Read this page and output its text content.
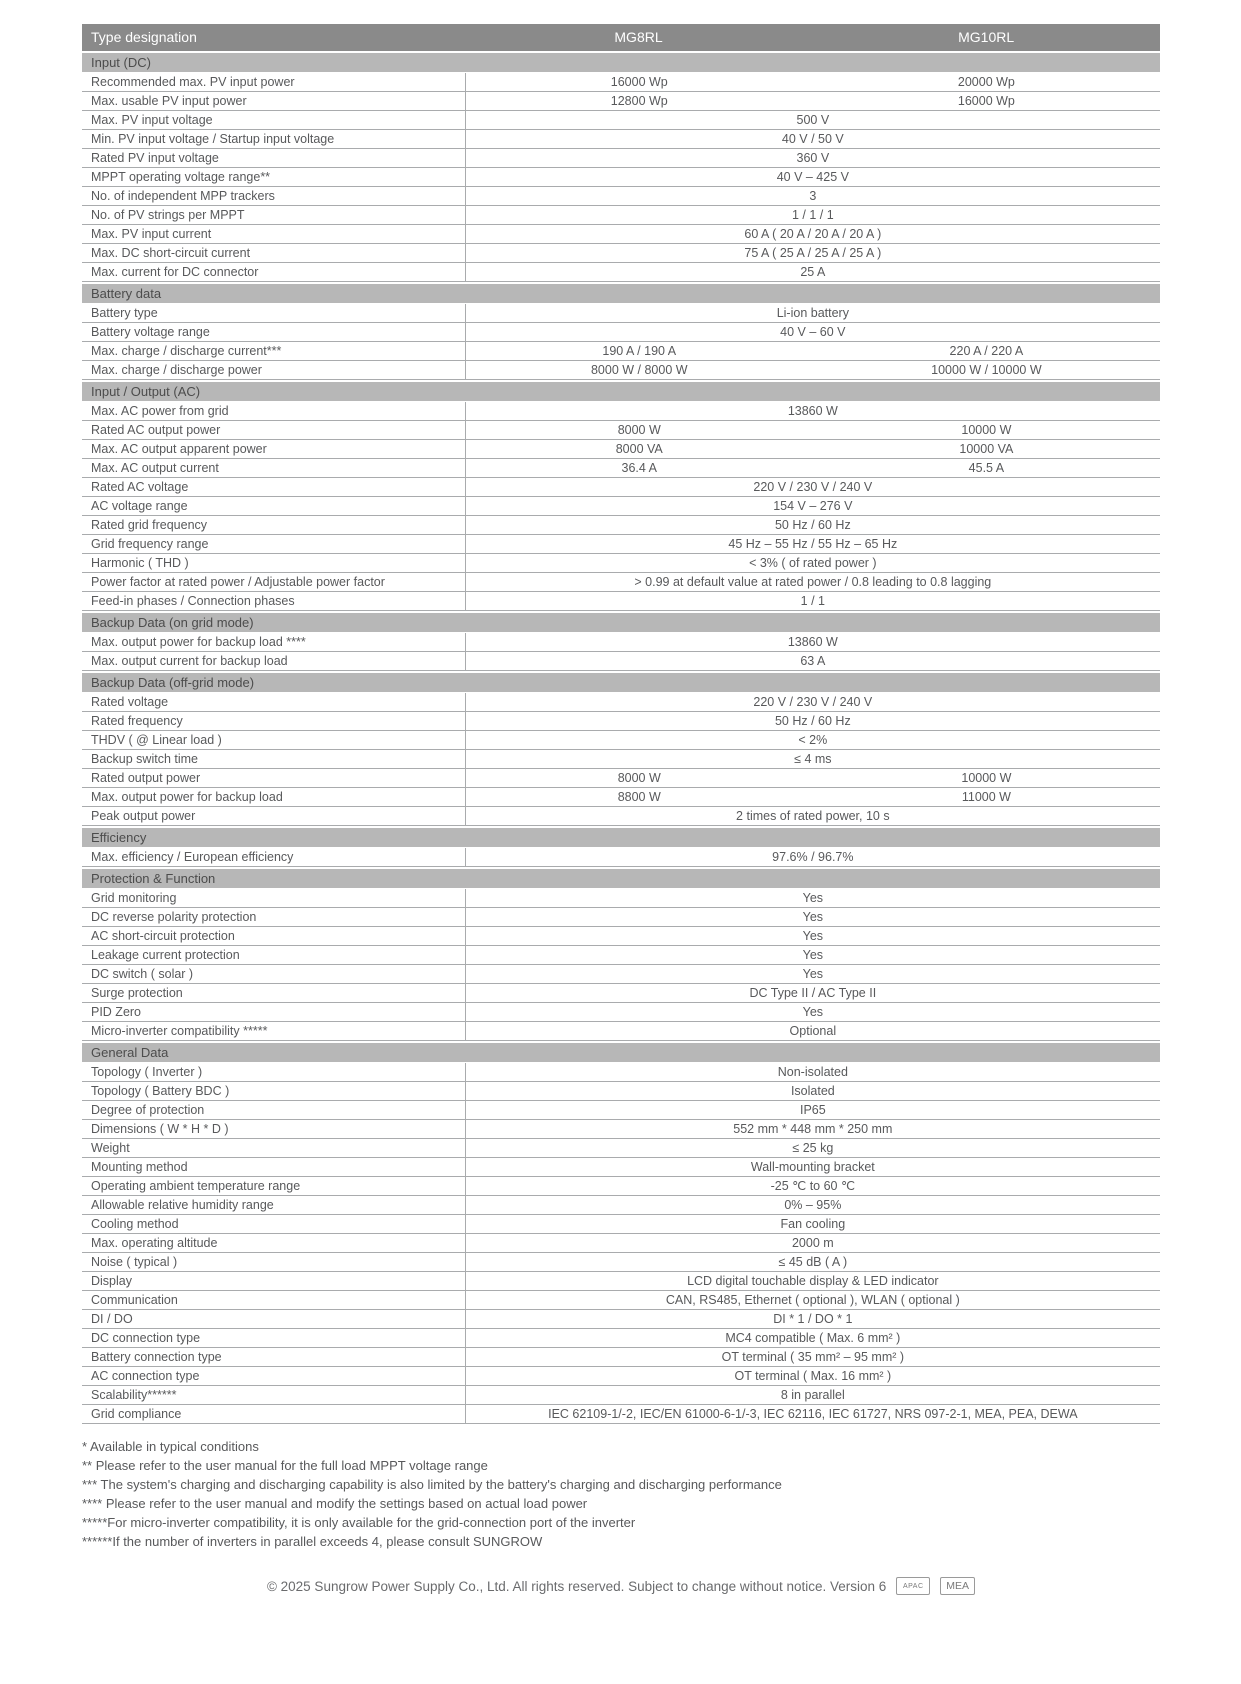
Type designation	MG8RL	MG10RL
Input (DC)
Recommended max. PV input power	16000 Wp	20000 Wp
Max. usable PV input power	12800 Wp	16000 Wp
Max. PV input voltage	500 V
Min. PV input voltage / Startup input voltage	40 V / 50 V
Rated PV input voltage	360 V
MPPT operating voltage range**	40 V – 425 V
No. of independent MPP trackers	3
No. of PV strings per MPPT	1 / 1 / 1
Max. PV input current	60 A ( 20 A / 20 A / 20 A )
Max. DC short-circuit current	75 A ( 25 A / 25 A / 25 A )
Max. current for DC connector	25 A
Battery data
Battery type	Li-ion battery
Battery voltage range	40 V – 60 V
Max. charge / discharge current***	190 A / 190 A	220 A / 220 A
Max. charge / discharge power	8000 W / 8000 W	10000 W / 10000 W
Input / Output (AC)
Max. AC power from grid	13860 W
Rated AC output power	8000 W	10000 W
Max. AC output apparent power	8000 VA	10000 VA
Max. AC output current	36.4 A	45.5 A
Rated AC voltage	220 V / 230 V / 240 V
AC voltage range	154 V – 276 V
Rated grid frequency	50 Hz / 60 Hz
Grid frequency range	45 Hz – 55 Hz / 55 Hz – 65 Hz
Harmonic ( THD )	< 3% ( of rated power )
Power factor at rated power / Adjustable power factor	> 0.99 at default value at rated power / 0.8 leading to 0.8 lagging
Feed-in phases / Connection phases	1 / 1
Backup Data (on grid mode)
Max. output power for backup load ****	13860 W
Max. output current for backup load	63 A
Backup Data (off-grid mode)
Rated voltage	220 V / 230 V / 240 V
Rated frequency	50 Hz / 60 Hz
THDV ( @ Linear load )	< 2%
Backup switch time	≤ 4 ms
Rated output power	8000 W	10000 W
Max. output power for backup load	8800 W	11000 W
Peak output power	2 times of rated power, 10 s
Efficiency
Max. efficiency / European efficiency	97.6% / 96.7%
Protection & Function
Grid monitoring	Yes
DC reverse polarity protection	Yes
AC short-circuit protection	Yes
Leakage current protection	Yes
DC switch ( solar )	Yes
Surge protection	DC Type II / AC Type II
PID Zero	Yes
Micro-inverter compatibility *****	Optional
General Data
Topology ( Inverter )	Non-isolated
Topology ( Battery BDC )	Isolated
Degree of protection	IP65
Dimensions ( W * H * D )	552 mm * 448 mm * 250 mm
Weight	≤ 25 kg
Mounting method	Wall-mounting bracket
Operating ambient temperature range	-25 ℃ to 60 ℃
Allowable relative humidity range	0% – 95%
Cooling method	Fan cooling
Max. operating altitude	2000 m
Noise ( typical )	≤ 45 dB ( A )
Display	LCD digital touchable display & LED indicator
Communication	CAN, RS485, Ethernet ( optional ), WLAN ( optional )
DI / DO	DI * 1 / DO * 1
DC connection type	MC4 compatible ( Max. 6 mm² )
Battery connection type	OT terminal ( 35 mm² – 95 mm² )
AC connection type	OT terminal ( Max. 16 mm² )
Scalability******	8 in parallel
Grid compliance	IEC 62109-1/-2, IEC/EN 61000-6-1/-3, IEC 62116, IEC 61727, NRS 097-2-1, MEA, PEA, DEWA
* Available in typical conditions
** Please refer to the user manual for the full load MPPT voltage range
*** The system's charging and discharging capability is also limited by the battery's charging and discharging performance
**** Please refer to the user manual and modify the settings based on actual load power
*****For micro-inverter compatibility, it is only available for the grid-connection port of the inverter
******If the number of inverters in parallel exceeds 4, please consult SUNGROW
© 2025 Sungrow Power Supply Co., Ltd. All rights reserved. Subject to change without notice. Version 6	APAC	MEA
